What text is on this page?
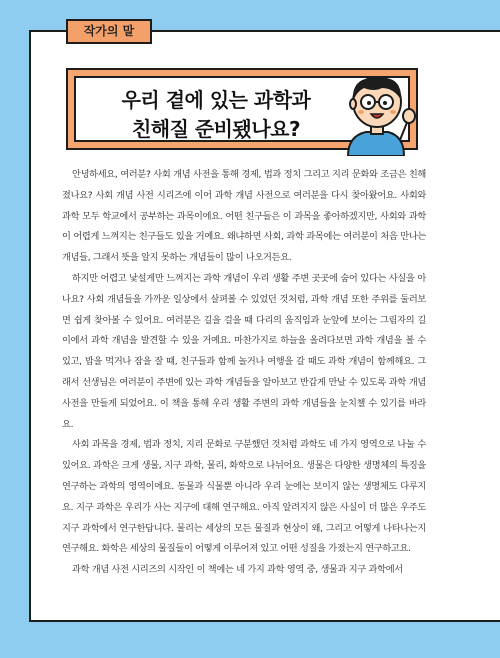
작가의 말
우리 곁에 있는 과학과
친해질 준비됐나요?

안녕하세요, 여러분? 사회 개념 사전을 통해 경제, 법과 정치 그리고 지리 문화와 조금은 친해졌나요? 사회 개념 사전 시리즈에 이어 과학 개념 사전으로 여러분을 다시 찾아왔어요. 사회와 과학 모두 학교에서 공부하는 과목이에요. 어떤 친구들은 이 과목을 좋아하겠지만, 사회와 과학이 어렵게 느껴지는 친구들도 있을 거예요. 왜냐하면 사회, 과학 과목에는 여러분이 처음 만나는 개념들, 그래서 뜻을 알지 못하는 개념들이 많이 나오거든요.

하지만 어렵고 낯설게만 느껴지는 과학 개념이 우리 생활 주변 곳곳에 숨어 있다는 사실을 아나요? 사회 개념들을 가까운 일상에서 살펴볼 수 있었던 것처럼, 과학 개념 또한 주위를 둘러보면 쉽게 찾아볼 수 있어요. 여러분은 길을 걸을 때 다리의 움직임과 눈앞에 보이는 그림자의 길이에서 과학 개념을 발견할 수 있을 거예요. 마찬가지로 하늘을 올려다보면 과학 개념을 볼 수 있고, 밥을 먹거나 잠을 잘 때, 친구들과 함께 놀거나 여행을 갈 때도 과학 개념이 함께해요. 그래서 선생님은 여러분이 주변에 있는 과학 개념들을 알아보고 반갑게 만날 수 있도록 과학 개념 사전을 만들게 되었어요. 이 책을 통해 우리 생활 주변의 과학 개념들을 눈치챌 수 있기를 바라요.

사회 과목을 경제, 법과 정치, 지리 문화로 구분했던 것처럼 과학도 네 가지 영역으로 나눌 수 있어요. 과학은 크게 생물, 지구 과학, 물리, 화학으로 나뉘어요. 생물은 다양한 생명체의 특징을 연구하는 과학의 영역이에요. 동물과 식물뿐 아니라 우리 눈에는 보이지 않는 생명체도 다루지요. 지구 과학은 우리가 사는 지구에 대해 연구해요. 아직 알려지지 않은 사실이 더 많은 우주도 지구 과학에서 연구한답니다. 물리는 세상의 모든 물질과 현상이 왜, 그리고 어떻게 나타나는지 연구해요. 화학은 세상의 물질들이 어떻게 이루어져 있고 어떤 성질을 가졌는지 연구하고요.

과학 개념 사전 시리즈의 시작인 이 책에는 네 가지 과학 영역 중, 생물과 지구 과학에서
